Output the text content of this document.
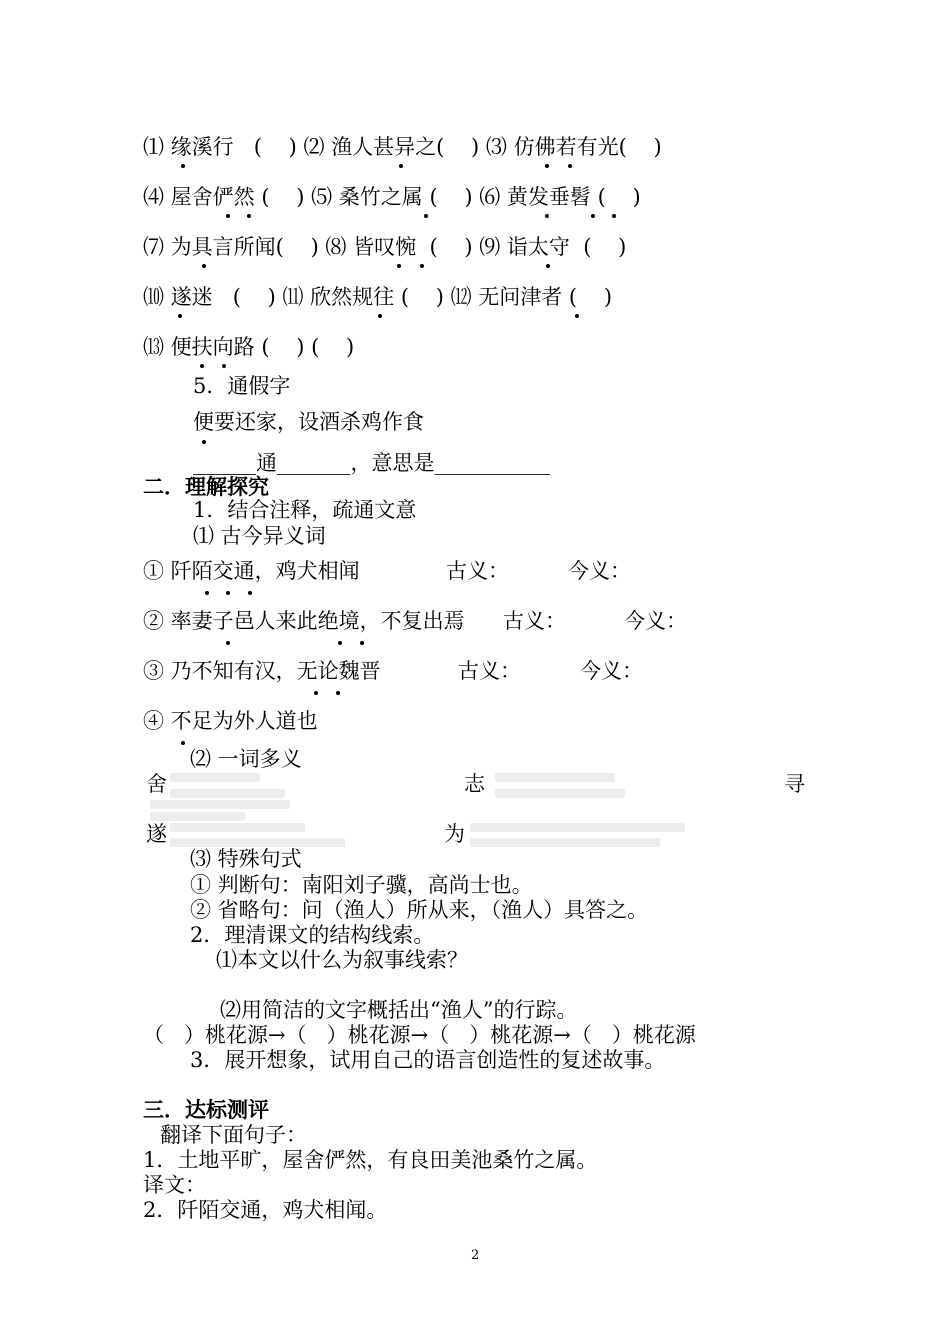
⑴ 缘溪行   (    ) ⑵ 渔人甚异之(    ) ⑶ 仿佛若有光(    )
⑷ 屋舍俨然 (    ) ⑸ 桑竹之属 (    ) ⑹ 黄发垂髫 (    )
⑺ 为具言所闻(    ) ⑻ 皆叹惋  (    ) ⑼ 诣太守  (    )
⑽ 遂迷   (    ) ⑾ 欣然规往 (    ) ⑿ 无问津者 (    )
⒀ 便扶向路 (    ) (    )
5．通假字
便要还家，设酒杀鸡作食
______通_______，意思是___________
二．理解探究
1．结合注释，疏通文意
⑴ 古今异义词
① 阡陌交通，鸡犬相闻	古义：	今义：
② 率妻子邑人来此绝境，不复出焉 古义：	今义：
③ 乃不知有汉，无论魏晋	古义：	今义：
④ 不足为外人道也
⑵ 一词多义
舍	志	寻
遂	为
⑶ 特殊句式
① 判断句：南阳刘子骥，高尚士也。
② 省略句：问（渔人）所从来，（渔人）具答之。
2．理清课文的结构线索。
⑴本文以什么为叙事线索？
⑵用简洁的文字概括出“渔人”的行踪。
（   ）桃花源→（   ）桃花源→（   ）桃花源→（   ）桃花源
3．展开想象，试用自己的语言创造性的复述故事。
三．达标测评
翻译下面句子：
1．土地平旷，屋舍俨然，有良田美池桑竹之属。
译文：
2．阡陌交通，鸡犬相闻。
2
